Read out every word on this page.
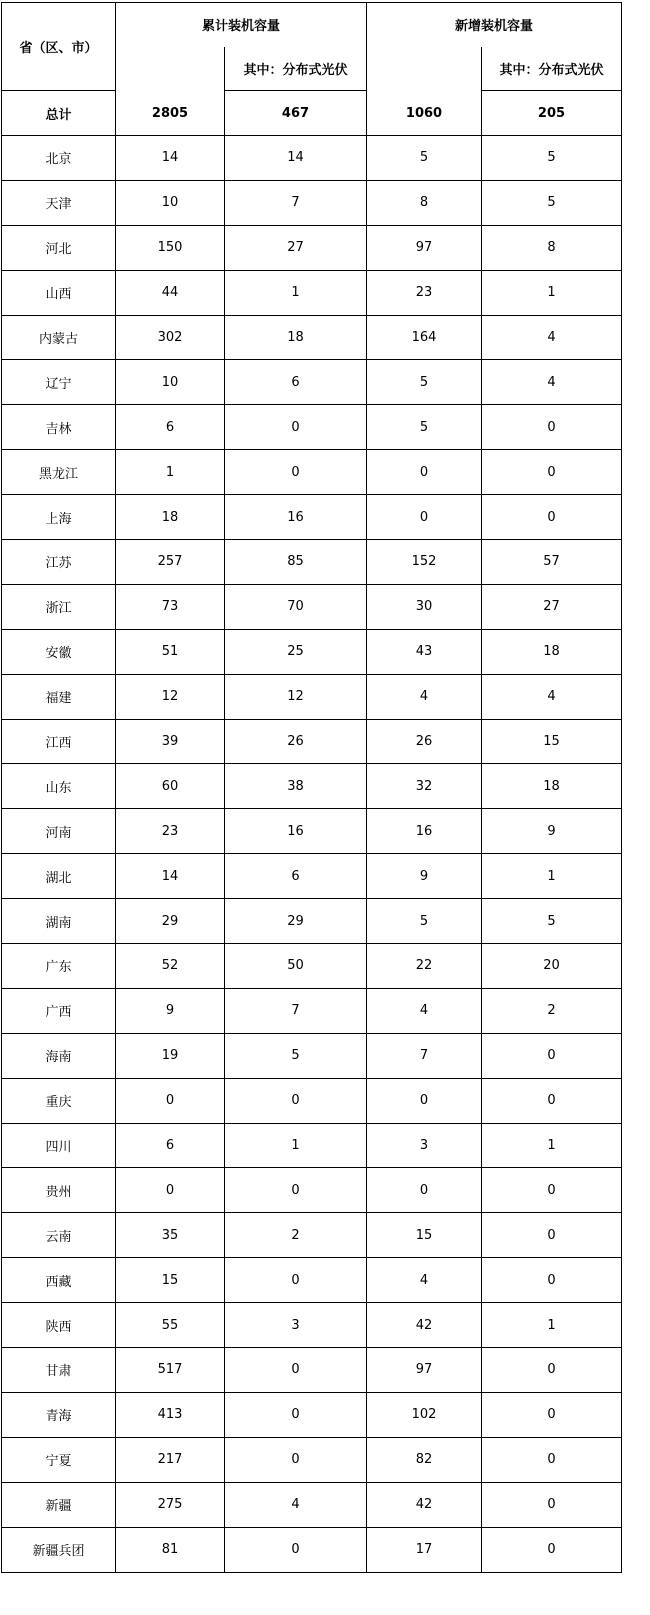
省（区、市）	累计装机容量		新增装机容量	
		其中：分布式光伏		其中：分布式光伏
总计	2805	467	1060	205
北京	14	14	5	5
天津	10	7	8	5
河北	150	27	97	8
山西	44	1	23	1
内蒙古	302	18	164	4
辽宁	10	6	5	4
吉林	6	0	5	0
黑龙江	1	0	0	0
上海	18	16	0	0
江苏	257	85	152	57
浙江	73	70	30	27
安徽	51	25	43	18
福建	12	12	4	4
江西	39	26	26	15
山东	60	38	32	18
河南	23	16	16	9
湖北	14	6	9	1
湖南	29	29	5	5
广东	52	50	22	20
广西	9	7	4	2
海南	19	5	7	0
重庆	0	0	0	0
四川	6	1	3	1
贵州	0	0	0	0
云南	35	2	15	0
西藏	15	0	4	0
陕西	55	3	42	1
甘肃	517	0	97	0
青海	413	0	102	0
宁夏	217	0	82	0
新疆	275	4	42	0
新疆兵团	81	0	17	0
